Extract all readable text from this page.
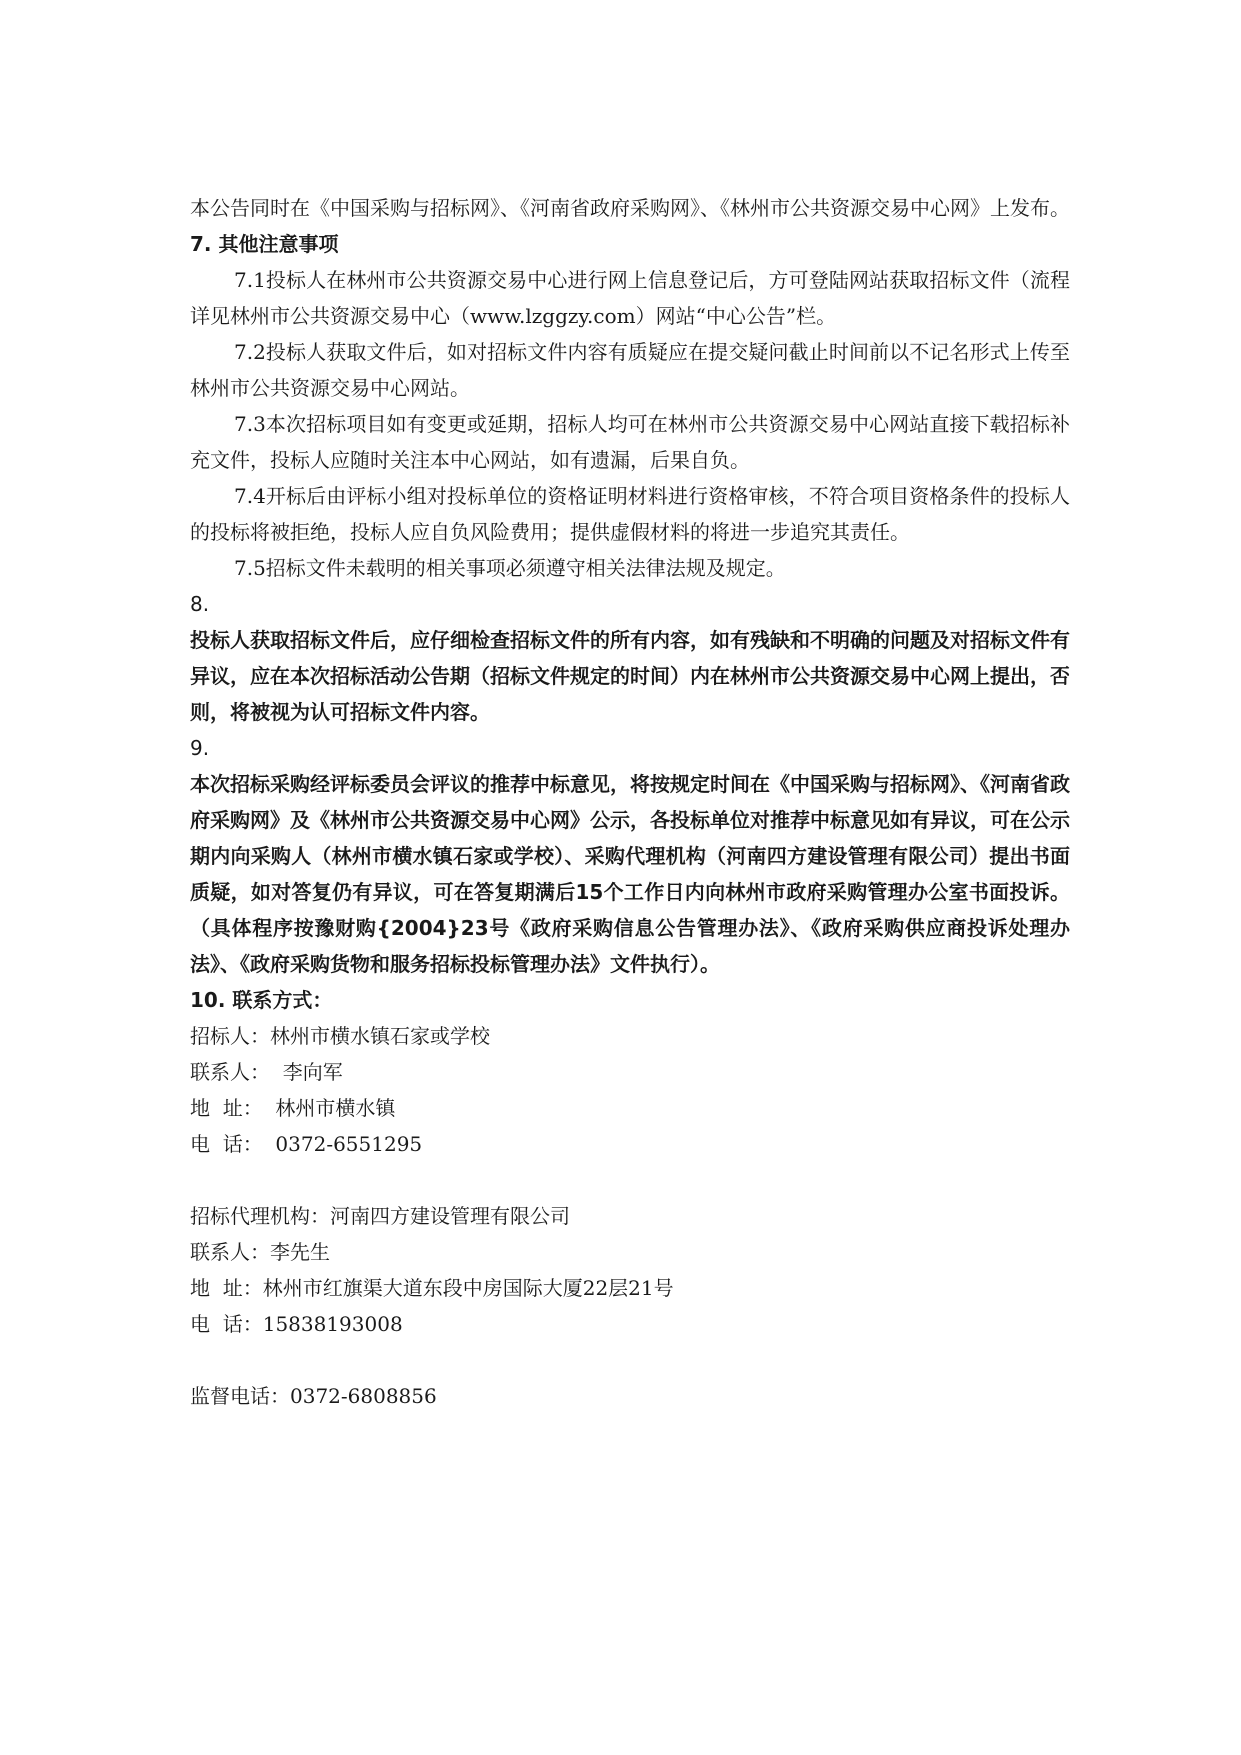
本公告同时在《中国采购与招标网》、《河南省政府采购网》、《林州市公共资源交易中心网》上发布。

7. 其他注意事项

7.1投标人在林州市公共资源交易中心进行网上信息登记后，方可登陆网站获取招标文件（流程详见林州市公共资源交易中心（www.lzggzy.com）网站“中心公告”栏。

7.2投标人获取文件后，如对招标文件内容有质疑应在提交疑问截止时间前以不记名形式上传至林州市公共资源交易中心网站。

7.3本次招标项目如有变更或延期，招标人均可在林州市公共资源交易中心网站直接下载招标补充文件，投标人应随时关注本中心网站，如有遗漏，后果自负。

7.4开标后由评标小组对投标单位的资格证明材料进行资格审核，不符合项目资格条件的投标人的投标将被拒绝，投标人应自负风险费用；提供虚假材料的将进一步追究其责任。

7.5招标文件未载明的相关事项必须遵守相关法律法规及规定。

8.

投标人获取招标文件后，应仔细检查招标文件的所有内容，如有残缺和不明确的问题及对招标文件有异议，应在本次招标活动公告期（招标文件规定的时间）内在林州市公共资源交易中心网上提出，否则，将被视为认可招标文件内容。

9.

本次招标采购经评标委员会评议的推荐中标意见，将按规定时间在《中国采购与招标网》、《河南省政府采购网》及《林州市公共资源交易中心网》公示，各投标单位对推荐中标意见如有异议，可在公示期内向采购人（林州市横水镇石家或学校）、采购代理机构（河南四方建设管理有限公司）提出书面质疑，如对答复仍有异议，可在答复期满后15个工作日内向林州市政府采购管理办公室书面投诉。（具体程序按豫财购{2004}23号《政府采购信息公告管理办法》、《政府采购供应商投诉处理办法》、《政府采购货物和服务招标投标管理办法》文件执行）。

10. 联系方式：

招标人：林州市横水镇石家或学校

联系人：  李向军

地  址：  林州市横水镇

电  话：  0372-6551295

招标代理机构：河南四方建设管理有限公司

联系人：李先生

地  址：林州市红旗渠大道东段中房国际大厦22层21号

电  话：15838193008

监督电话：0372-6808856
